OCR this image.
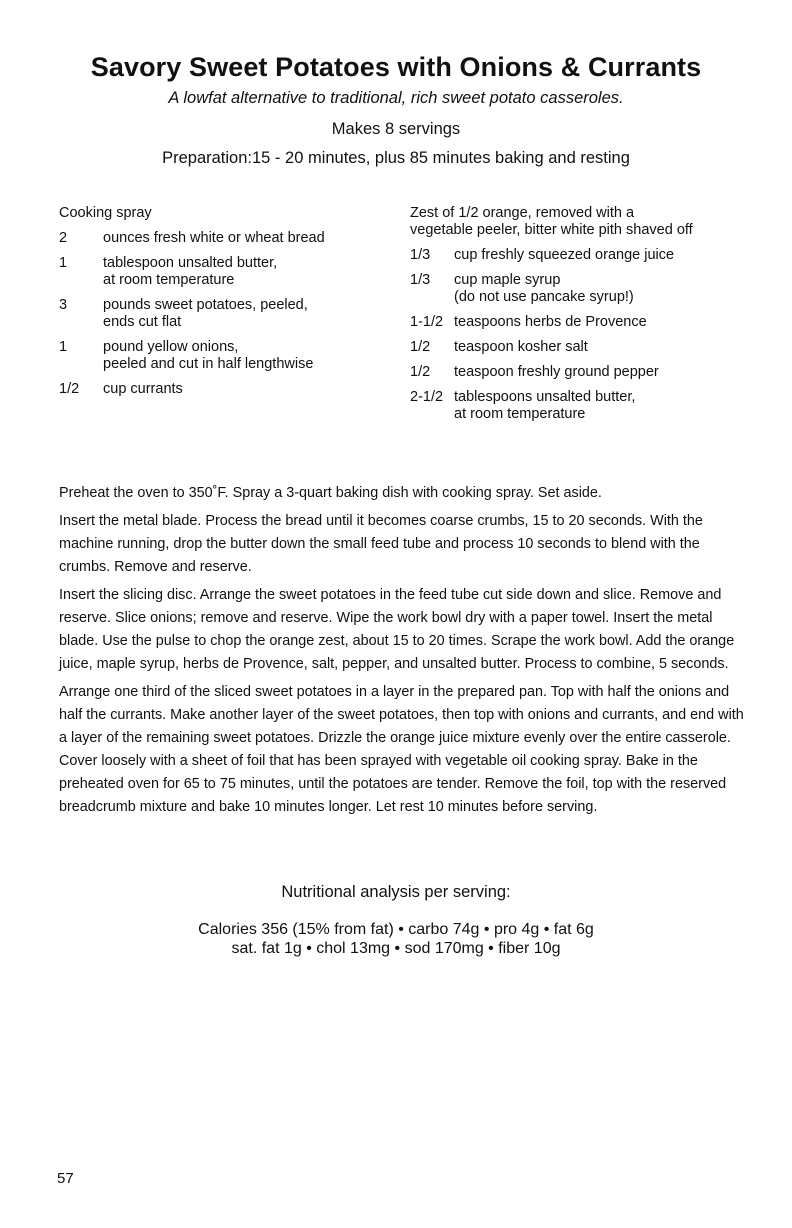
Savory Sweet Potatoes with Onions & Currants
A lowfat alternative to traditional, rich sweet potato casseroles.
Makes 8 servings
Preparation:15 - 20 minutes, plus 85 minutes baking and resting
Cooking spray
2	ounces fresh white or wheat bread
1	tablespoon unsalted butter,
at room temperature
3	pounds sweet potatoes, peeled,
ends cut flat
1	pound yellow onions,
peeled and cut in half lengthwise
1/2	cup currants
Zest of 1/2 orange, removed with a
vegetable peeler, bitter white pith shaved off
1/3	cup freshly squeezed orange juice
1/3	cup maple syrup
(do not use pancake syrup!)
1-1/2 teaspoons herbs de Provence
1/2	teaspoon kosher salt
1/2	teaspoon freshly ground pepper
2-1/2 tablespoons unsalted butter,
at room temperature

Preheat the oven to 350˚F. Spray a 3-quart baking dish with cooking spray. Set aside.

Insert the metal blade. Process the bread until it becomes coarse crumbs, 15 to 20 seconds. With the machine running, drop the butter down the small feed tube and process 10 seconds to blend with the crumbs. Remove and reserve.

Insert the slicing disc. Arrange the sweet potatoes in the feed tube cut side down and slice. Remove and reserve. Slice onions; remove and reserve. Wipe the work bowl dry with a paper towel. Insert the metal blade. Use the pulse to chop the orange zest, about 15 to 20 times. Scrape the work bowl. Add the orange juice, maple syrup, herbs de Provence, salt, pepper, and unsalted butter. Process to combine, 5 seconds.

Arrange one third of the sliced sweet potatoes in a layer in the prepared pan. Top with half the onions and half the currants. Make another layer of the sweet potatoes, then top with onions and currants, and end with a layer of the remaining sweet potatoes. Drizzle the orange juice mixture evenly over the entire casserole. Cover loosely with a sheet of foil that has been sprayed with vegetable oil cooking spray. Bake in the preheated oven for 65 to 75 minutes, until the potatoes are tender. Remove the foil, top with the reserved breadcrumb mixture and bake 10 minutes longer. Let rest 10 minutes before serving.

Nutritional analysis per serving:
Calories 356 (15% from fat) • carbo 74g • pro 4g • fat 6g
sat. fat 1g • chol 13mg • sod 170mg • fiber 10g
57
